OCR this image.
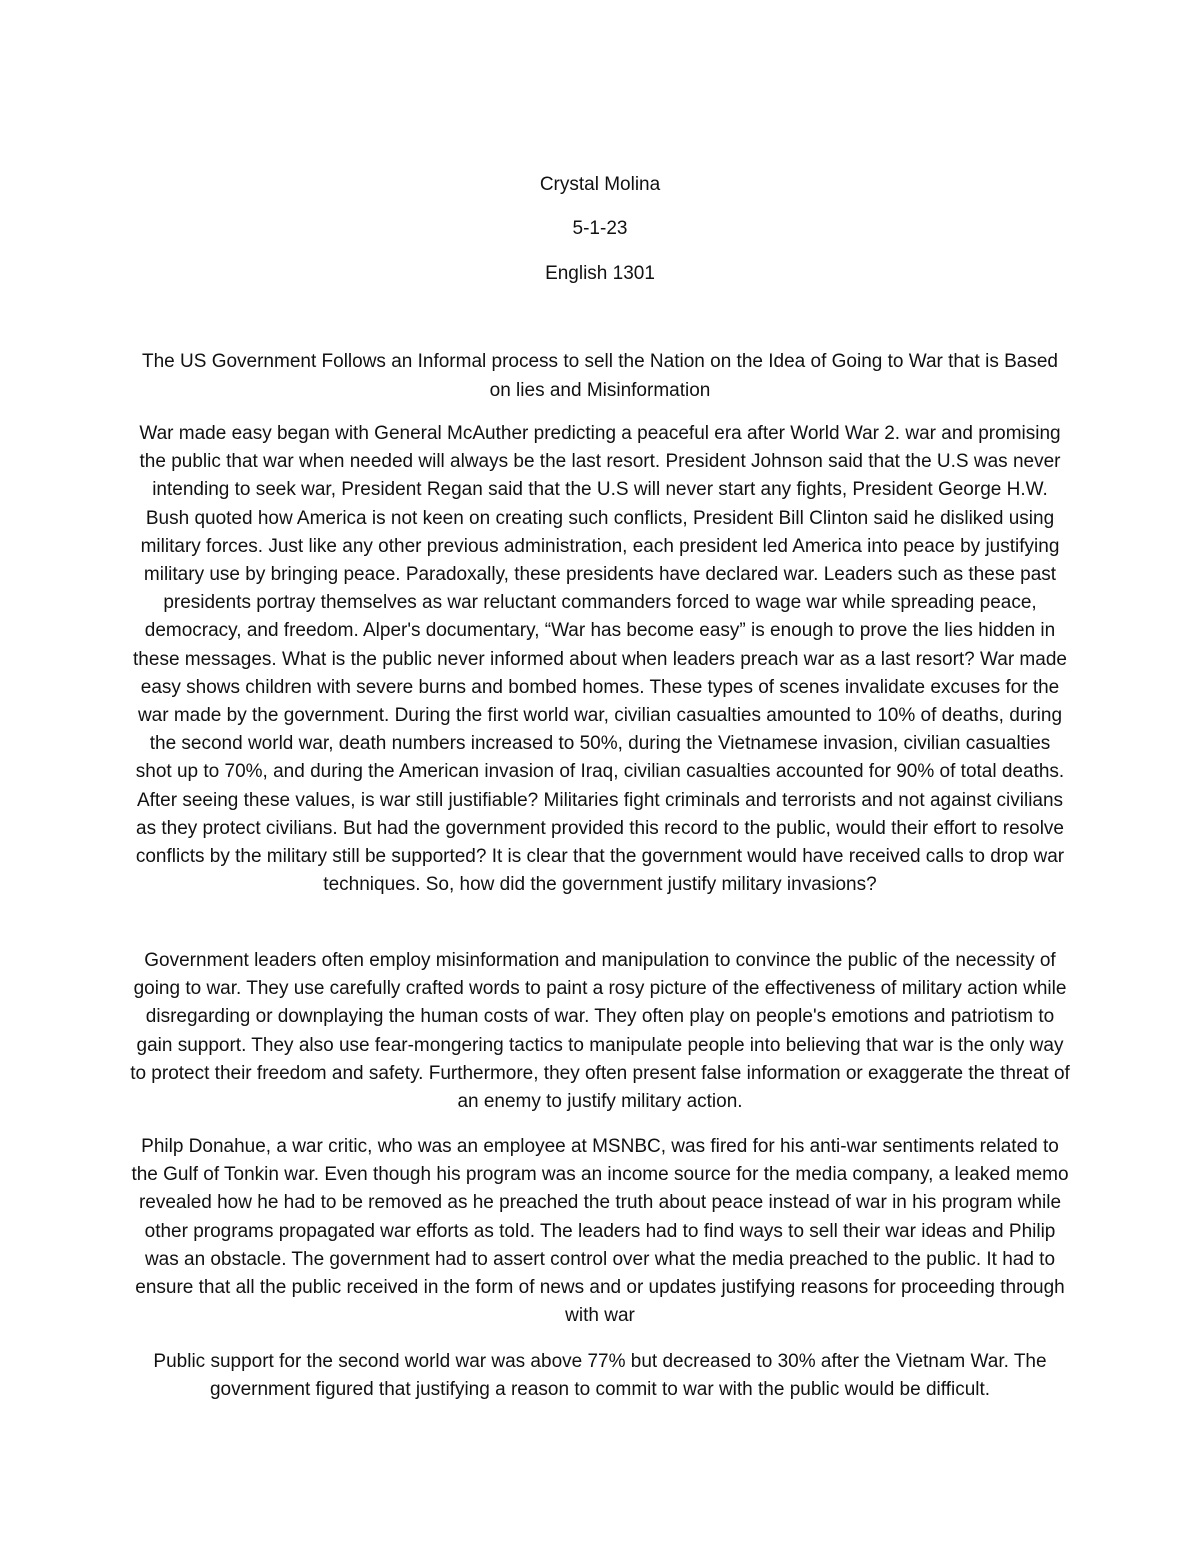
Crystal Molina
5-1-23
English 1301
The US Government Follows an Informal process to sell the Nation on the Idea of Going to War that is Based on lies and Misinformation

War made easy began with General McAuther predicting a peaceful era after World War 2. war and promising the public that war when needed will always be the last resort. President Johnson said that the U.S was never intending to seek war, President Regan said that the U.S will never start any fights, President George H.W. Bush quoted how America is not keen on creating such conflicts, President Bill Clinton said he disliked using military forces. Just like any other previous administration, each president led America into peace by justifying military use by bringing peace. Paradoxally, these presidents have declared war. Leaders such as these past presidents portray themselves as war reluctant commanders forced to wage war while spreading peace, democracy, and freedom. Alper's documentary, “War has become easy” is enough to prove the lies hidden in these messages. What is the public never informed about when leaders preach war as a last resort? War made easy shows children with severe burns and bombed homes. These types of scenes invalidate excuses for the war made by the government. During the first world war, civilian casualties amounted to 10% of deaths, during the second world war, death numbers increased to 50%, during the Vietnamese invasion, civilian casualties shot up to 70%, and during the American invasion of Iraq, civilian casualties accounted for 90% of total deaths. After seeing these values, is war still justifiable? Militaries fight criminals and terrorists and not against civilians as they protect civilians. But had the government provided this record to the public, would their effort to resolve conflicts by the military still be supported? It is clear that the government would have received calls to drop war techniques. So, how did the government justify military invasions?

Government leaders often employ misinformation and manipulation to convince the public of the necessity of going to war. They use carefully crafted words to paint a rosy picture of the effectiveness of military action while disregarding or downplaying the human costs of war. They often play on people's emotions and patriotism to gain support. They also use fear-mongering tactics to manipulate people into believing that war is the only way to protect their freedom and safety. Furthermore, they often present false information or exaggerate the threat of an enemy to justify military action.

Philp Donahue, a war critic, who was an employee at MSNBC, was fired for his anti-war sentiments related to the Gulf of Tonkin war. Even though his program was an income source for the media company, a leaked memo revealed how he had to be removed as he preached the truth about peace instead of war in his program while other programs propagated war efforts as told. The leaders had to find ways to sell their war ideas and Philip was an obstacle. The government had to assert control over what the media preached to the public. It had to ensure that all the public received in the form of news and or updates justifying reasons for proceeding through with war

Public support for the second world war was above 77% but decreased to 30% after the Vietnam War. The government figured that justifying a reason to commit to war with the public would be difficult.
